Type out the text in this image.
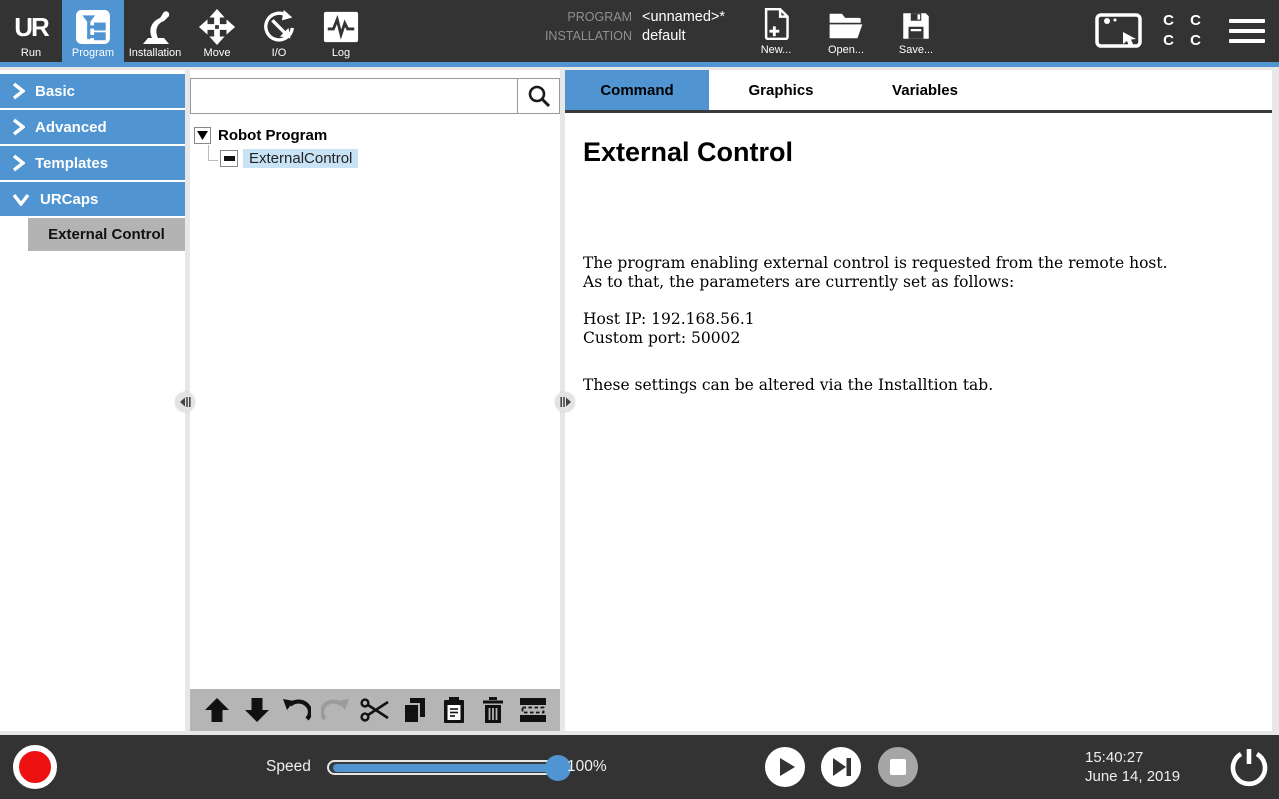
UR
Run	Program Installation Move	I/O	Log
PROGRAM <unnamed>*
INSTALLATION default
New...	Open...	Save...
C C
C C
Basic
Advanced
Templates
URCaps
External Control
Robot Program
ExternalControl
Command	Graphics	Variables
External Control
The program enabling external control is requested from the remote host.
As to that, the parameters are currently set as follows:
Host IP: 192.168.56.1
Custom port: 50002
These settings can be altered via the Installtion tab.
Speed	100%
15:40:27
June 14, 2019
